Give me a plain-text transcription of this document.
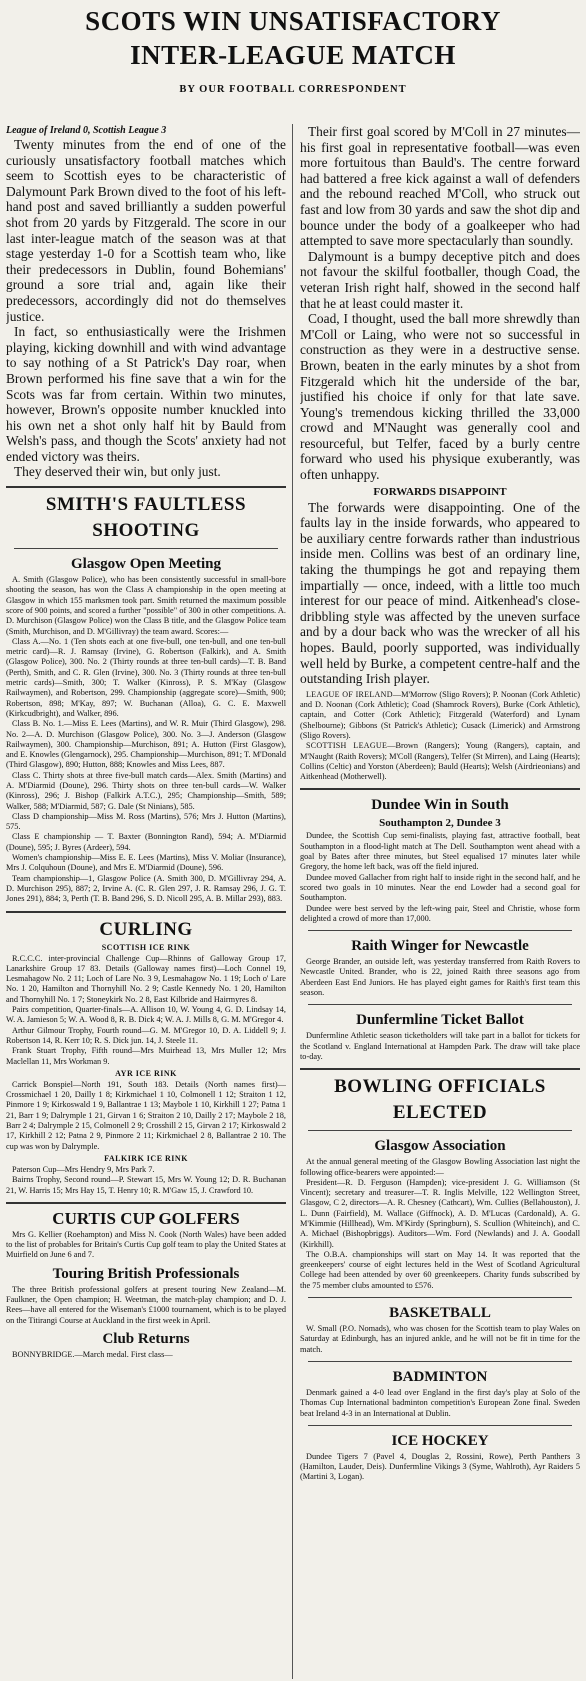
SCOTS WIN UNSATISFACTORY
INTER-LEAGUE MATCH
BY OUR FOOTBALL CORRESPONDENT

League of Ireland 0, Scottish League 3

Twenty minutes from the end of one of the curiously unsatisfactory football matches which seem to Scottish eyes to be characteristic of Dalymount Park Brown dived to the foot of his left-hand post and saved brilliantly a sudden powerful shot from 20 yards by Fitzgerald. The score in our last inter-league match of the season was at that stage yesterday 1-0 for a Scottish team who, like their predecessors in Dublin, found Bohemians' ground a sore trial and, again like their predecessors, accordingly did not do themselves justice.

In fact, so enthusiastically were the Irishmen playing, kicking downhill and with wind advantage to say nothing of a St Patrick's Day roar, when Brown performed his fine save that a win for the Scots was far from certain. Within two minutes, however, Brown's opposite number knuckled into his own net a shot only half hit by Bauld from Welsh's pass, and though the Scots' anxiety had not ended victory was theirs.

They deserved their win, but only just.

SMITH'S FAULTLESS
SHOOTING
Glasgow Open Meeting

A. Smith (Glasgow Police), who has been consistently successful in small-bore shooting the season, has won the Class A championship in the open meeting at Glasgow in which 155 marksmen took part. Smith returned the maximum possible score of 900 points, and scored a further "possible" of 300 in other competitions. A. D. Murchison (Glasgow Police) won the Class B title, and the Glasgow Police team (Smith, Murchison, and D. M'Gillivray) the team award. Scores:—

Class A.—No. 1 (Ten shots each at one five-bull, one ten-bull, and one ten-bull metric card)—R. J. Ramsay (Irvine), G. Robertson (Falkirk), and A. Smith (Glasgow Police), 300. No. 2 (Thirty rounds at three ten-bull cards)—T. B. Band (Perth), Smith, and C. R. Glen (Irvine), 300. No. 3 (Thirty rounds at three ten-bull metric cards)—Smith, 300; T. Walker (Kinross), P. S. M'Kay (Glasgow Railwaymen), and Robertson, 299. Championship (aggregate score)—Smith, 900; Robertson, 898; M'Kay, 897; W. Buchanan (Alloa), G. C. E. Maxwell (Kirkcudbright), and Walker, 896.

Class B. No. 1.—Miss E. Lees (Martins), and W. R. Muir (Third Glasgow), 298. No. 2—A. D. Murchison (Glasgow Police), 300. No. 3—J. Anderson (Glasgow Railwaymen), 300. Championship—Murchison, 891; A. Hutton (First Glasgow), and E. Knowles (Glengarnock), 295. Championship—Murchison, 891; T. M'Donald (Third Glasgow), 890; Hutton, 888; Knowles and Miss Lees, 887.

Class C. Thirty shots at three five-bull match cards—Alex. Smith (Martins) and A. M'Diarmid (Doune), 296. Thirty shots on three ten-bull cards—W. Walker (Kinross), 296; J. Bishop (Falkirk A.T.C.), 295; Championship—Smith, 589; Walker, 588; M'Diarmid, 587; G. Dale (St Ninians), 585.

Class D championship—Miss M. Ross (Martins), 576; Mrs J. Hutton (Martins), 575.

Class E championship — T. Baxter (Bonnington Rand), 594; A. M'Diarmid (Doune), 595; J. Byres (Ardeer), 594.

Women's championship—Miss E. E. Lees (Martins), Miss V. Moliar (Insurance), Mrs J. Colquhoun (Doune), and Mrs E. M'Diarmid (Doune), 596.

Team championship—1, Glasgow Police (A. Smith 300, D. M'Gillivray 294, A. D. Murchison 295), 887; 2, Irvine A. (C. R. Glen 297, J. R. Ramsay 296, J. G. T. Jones 291), 884; 3, Perth (T. B. Band 296, S. D. Nicoll 295, A. B. Millar 293), 883.

CURLING
SCOTTISH ICE RINK

R.C.C.C. inter-provincial Challenge Cup—Rhinns of Galloway Group 17, Lanarkshire Group 17 83. Details (Galloway names first)—Loch Connel 19, Lesmahagow No. 2 11; Loch of Lare No. 3 9, Lesmahagow No. 1 19; Loch o' Lare No. 1 20, Hamilton and Thornyhill No. 2 9; Castle Kennedy No. 1 20, Hamilton and Thornyhill No. 1 7; Stoneykirk No. 2 8, East Kilbride and Hairmyres 8.

Pairs competition, Quarter-finals—A. Allison 10, W. Young 4, G. D. Lindsay 14, W. A. Jamieson 5; W. A. Wood 8, R. B. Dick 4; W. A. J. Mills 8, G. M. M'Gregor 4.

Arthur Gilmour Trophy, Fourth round—G. M. M'Gregor 10, D. A. Liddell 9; J. Robertson 14, R. Kerr 10; R. S. Dick jun. 14, J. Steele 11.

Frank Stuart Trophy, Fifth round—Mrs Muirhead 13, Mrs Muller 12; Mrs Maclellan 11, Mrs Workman 9.

AYR ICE RINK

Carrick Bonspiel—North 191, South 183. Details (North names first)—Crossmichael 1 20, Dailly 1 8; Kirkmichael 1 10, Colmonell 1 12; Straiton 1 12, Pinmore 1 9; Kirkoswald 1 9, Ballantrae 1 13; Maybole 1 10, Kirkhill 1 27; Patna 1 21, Barr 1 9; Dalrymple 1 21, Girvan 1 6; Straiton 2 10, Dailly 2 17; Maybole 2 18, Barr 2 4; Dalrymple 2 15, Colmonell 2 9; Crosshill 2 15, Girvan 2 17; Kirkoswald 2 17, Kirkhill 2 12; Patna 2 9, Pinmore 2 11; Kirkmichael 2 8, Ballantrae 2 10. The cup was won by Dalrymple.

FALKIRK ICE RINK

Paterson Cup—Mrs Hendry 9, Mrs Park 7.

Bairns Trophy, Second round—P. Stewart 15, Mrs W. Young 12; D. R. Buchanan 21, W. Harris 15; Mrs Hay 15, T. Henry 10; R. M'Gaw 15, J. Crawford 10.

CURTIS CUP GOLFERS

Mrs G. Kellier (Roehampton) and Miss N. Cook (North Wales) have been added to the list of probables for Britain's Curtis Cup golf team to play the United States at Muirfield on June 6 and 7.

Touring British Professionals

The three British professional golfers at present touring New Zealand—M. Faulkner, the Open champion; H. Weetman, the match-play champion; and D. J. Rees—have all entered for the Wiseman's £1000 tournament, which is to be played on the Titirangi Course at Auckland in the first week in April.

Club Returns

BONNYBRIDGE.—March medal. First class—

Their first goal scored by M'Coll in 27 minutes—his first goal in representative football—was even more fortuitous than Bauld's. The centre forward had battered a free kick against a wall of defenders and the rebound reached M'Coll, who struck out fast and low from 30 yards and saw the shot dip and bounce under the body of a goalkeeper who had attempted to save more spectacularly than soundly.

Dalymount is a bumpy deceptive pitch and does not favour the skilful footballer, though Coad, the veteran Irish right half, showed in the second half that he at least could master it.

Coad, I thought, used the ball more shrewdly than M'Coll or Laing, who were not so successful in construction as they were in a destructive sense. Brown, beaten in the early minutes by a shot from Fitzgerald which hit the underside of the bar, justified his choice if only for that late save. Young's tremendous kicking thrilled the 33,000 crowd and M'Naught was generally cool and resourceful, but Telfer, faced by a burly centre forward who used his physique exuberantly, was often unhappy.

FORWARDS DISAPPOINT

The forwards were disappointing. One of the faults lay in the inside forwards, who appeared to be auxiliary centre forwards rather than industrious inside men. Collins was best of an ordinary line, taking the thumpings he got and repaying them impartially — once, indeed, with a little too much interest for our peace of mind. Aitkenhead's close-dribbling style was affected by the uneven surface and by a dour back who was the wrecker of all his hopes. Bauld, poorly supported, was individually well held by Burke, a competent centre-half and the outstanding Irish player.

LEAGUE OF IRELAND—M'Morrow (Sligo Rovers); P. Noonan (Cork Athletic) and D. Noonan (Cork Athletic); Coad (Shamrock Rovers), Burke (Cork Athletic), captain, and Cotter (Cork Athletic); Fitzgerald (Waterford) and Lynam (Shelbourne); Gibbons (St Patrick's Athletic); Cusack (Limerick) and Armstrong (Sligo Rovers).

SCOTTISH LEAGUE—Brown (Rangers); Young (Rangers), captain, and M'Naught (Raith Rovers); M'Coll (Rangers), Telfer (St Mirren), and Laing (Hearts); Collins (Celtic) and Yorston (Aberdeen); Bauld (Hearts); Welsh (Airdrieonians) and Aitkenhead (Motherwell).

Dundee Win in South
Southampton 2, Dundee 3

Dundee, the Scottish Cup semi-finalists, playing fast, attractive football, beat Southampton in a flood-light match at The Dell. Southampton went ahead with a goal by Bates after three minutes, but Steel equalised 17 minutes later while Gregory, the home left back, was off the field injured.

Dundee moved Gallacher from right half to inside right in the second half, and he scored two goals in 10 minutes. Near the end Lowder had a second goal for Southampton.

Dundee were best served by the left-wing pair, Steel and Christie, whose form delighted a crowd of more than 17,000.

Raith Winger for Newcastle

George Brander, an outside left, was yesterday transferred from Raith Rovers to Newcastle United. Brander, who is 22, joined Raith three seasons ago from Aberdeen East End Juniors. He has played eight games for Raith's first team this season.

Dunfermline Ticket Ballot

Dunfermline Athletic season ticketholders will take part in a ballot for tickets for the Scotland v. England International at Hampden Park. The draw will take place to-day.

BOWLING OFFICIALS
ELECTED
Glasgow Association

At the annual general meeting of the Glasgow Bowling Association last night the following office-bearers were appointed:—

President—R. D. Ferguson (Hampden); vice-president J. G. Williamson (St Vincent); secretary and treasurer—T. R. Inglis Melville, 122 Wellington Street, Glasgow, C 2, directors—A. R. Chesney (Cathcart), Wm. Cullies (Bellahouston), J. L. Dunn (Fairfield), M. Wallace (Giffnock), A. D. M'Lucas (Cardonald), A. G. M'Kimmie (Hillhead), Wm. M'Kirdy (Springburn), S. Scullion (Whiteinch), and C. A. Michael (Bishopbriggs). Auditors—Wm. Ford (Newlands) and J. A. Goodall (Kirkhill).

The O.B.A. championships will start on May 14. It was reported that the greenkeepers' course of eight lectures held in the West of Scotland Agricultural College had been attended by over 60 greenkeepers. Charity funds subscribed by the 75 member clubs amounted to £576.

BASKETBALL

W. Small (P.O. Nomads), who was chosen for the Scottish team to play Wales on Saturday at Edinburgh, has an injured ankle, and he will not be fit in time for the match.

BADMINTON

Denmark gained a 4-0 lead over England in the first day's play at Solo of the Thomas Cup International badminton competition's European Zone final. Sweden beat Ireland 4-3 in an International at Dublin.

ICE HOCKEY

Dundee Tigers 7 (Pavel 4, Douglas 2, Rossini, Rowe), Perth Panthers 3 (Hamilton, Lauder, Deis). Dunfermline Vikings 3 (Syme, Wahlroth), Ayr Raiders 5 (Martini 3, Logan).
